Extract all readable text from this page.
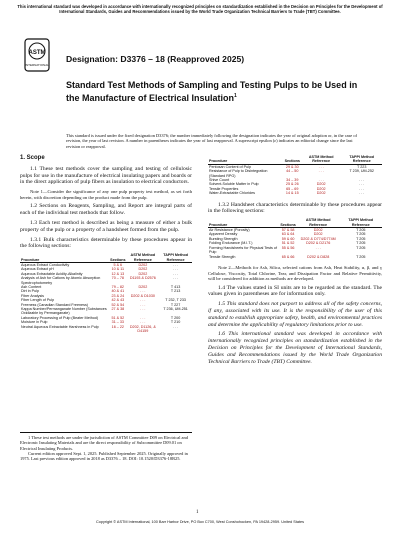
This international standard was developed in accordance with internationally recognized principles on standardization established in the Decision on Principles for the Development of International Standards, Guides and Recommendations issued by the World Trade Organization Technical Barriers to Trade (TBT) Committee.
ASTM
INTERNATIONAL
Designation: D3376 – 18 (Reapproved 2025)
Standard Test Methods of Sampling and Testing Pulps to be Used in the Manufacture of Electrical Insulation$^1$
This standard is issued under the fixed designation D3376; the number immediately following the designation indicates the year of original adoption or, in the case of revision, the year of last revision. A number in parentheses indicates the year of last reapproval. A superscript epsilon (ε) indicates an editorial change since the last revision or reapproval.
1. Scope

1.1 These test methods cover the sampling and testing of cellulosic pulps for use in the manufacture of electrical insulating papers and boards or in the direct application of pulp fibers as insulation to electrical conductors.

Note 1—Consider the significance of any one pulp property test method, as set forth herein, with discretion depending on the product made from the pulp.

1.2 Sections on Reagents, Sampling, and Report are integral parts of each of the individual test methods that follow.

1.3 Each test method is described as being a measure of either a bulk property of the pulp or a property of a handsheet formed from the pulp.

1.3.1 Bulk characteristics determinable by these procedures appear in the following sections:

Procedure	Sections	ASTM Method Reference	TAPPI Method Reference
Aqueous Extract Conductivity	5 & 6	D202	. . .
Aqueous Extract pH	10 & 11	D202	. . .
Aqueous Extractable Acidity-Alkalinity	12 & 13	D202	. . .
Analysis of Ash for Cations by Atomic Absorption Spectrophotometry	70 – 78	D1193 & D2576	. . .
Ash Content	79 – 82	D202	T 413
Dirt in Pulp	40 & 41	. . .	T 213
Fiber Analysis	23 & 24	D202 & D1030	
Fiber Length of Pulp	42 & 43	. . .	T 232, T 233
Freeness (Canadian Standard Freeness)	52 & 54	. . .	T 227
Kappa Number/Permanganate Number (Substances Oxidizable by Permanganate)	27 & 38	. . .	T 236, UM-251
Laboratory Processing of Pulp (Beater Method)	51 & 52	. . .	T 200
Moisture in Pulp	31 – 33	. . .	T 210
Neutral Aqueous Extractable Harshness in Pulp	16 – 22	D202, D1126, & D4159	. . .

1 These test methods are under the jurisdiction of ASTM Committee D09 on Electrical and Electronic Insulating Materials and are the direct responsibility of Subcommittee D09.01 on Electrical Insulating Products.

Current edition approved Sept. 1, 2025. Published September 2025. Originally approved in 1975. Last previous edition approved in 2018 as D3376 – 18. DOI: 10.1520/D3376-18R25.

Procedure	Sections	ASTM Method Reference	TAPPI Method Reference
Pentosan Content of Pulp	29 & 30	. . .	T 223
Resistance of Pulp to Disintegration (Standard RPG)	44 – 50	. . .	T 239, UM-252
Shive Count	34 – 39	. . .	. . .
Solvent-Soluble Matter in Pulp	25 & 26	D202	. . .
Tensile Properties	65 – 69	D202	. . .
Water-Extractable Chlorides	14 & 15	D202	. . .

1.3.2 Handsheet characteristics determinable by these procedures appear in the following sections:

Procedure	Sections	ASTM Method Reference	TAPPI Method Reference
Air Resistance (Porosity)	57 & 58	D202	T 205
Apparent Density	63 & 64	D202	T 205
Bursting Strength	59 & 60	D202 & D774/D774M	T 205
Folding Endurance (M.I.T.)	51 & 52	D202 & D2176	T 205
Forming Handsheets for Physical Tests of Pulp	55 & 56	. . .	T 205
Tensile Strength	65 & 66	D202 & D828	T 205

Note 2—Methods for Ash, Silica, selected cations from Ash, Heat Stability, α, β, and γ Cellulose, Viscosity, Total Chlorine, Tear, and Dissipation Factor and Relative Permittivity, will be considered for addition as methods are developed.

1.4 The values stated in SI units are to be regarded as the standard. The values given in parentheses are for information only.

1.5 This standard does not purport to address all of the safety concerns, if any, associated with its use. It is the responsibility of the user of this standard to establish appropriate safety, health, and environmental practices and determine the applicability of regulatory limitations prior to use.

1.6 This international standard was developed in accordance with internationally recognized principles on standardization established in the Decision on Principles for the Development of International Standards, Guides and Recommendations issued by the World Trade Organization Technical Barriers to Trade (TBT) Committee.

1
Copyright © ASTM International, 100 Barr Harbor Drive, PO Box C700, West Conshohocken, PA 19428-2959. United States
